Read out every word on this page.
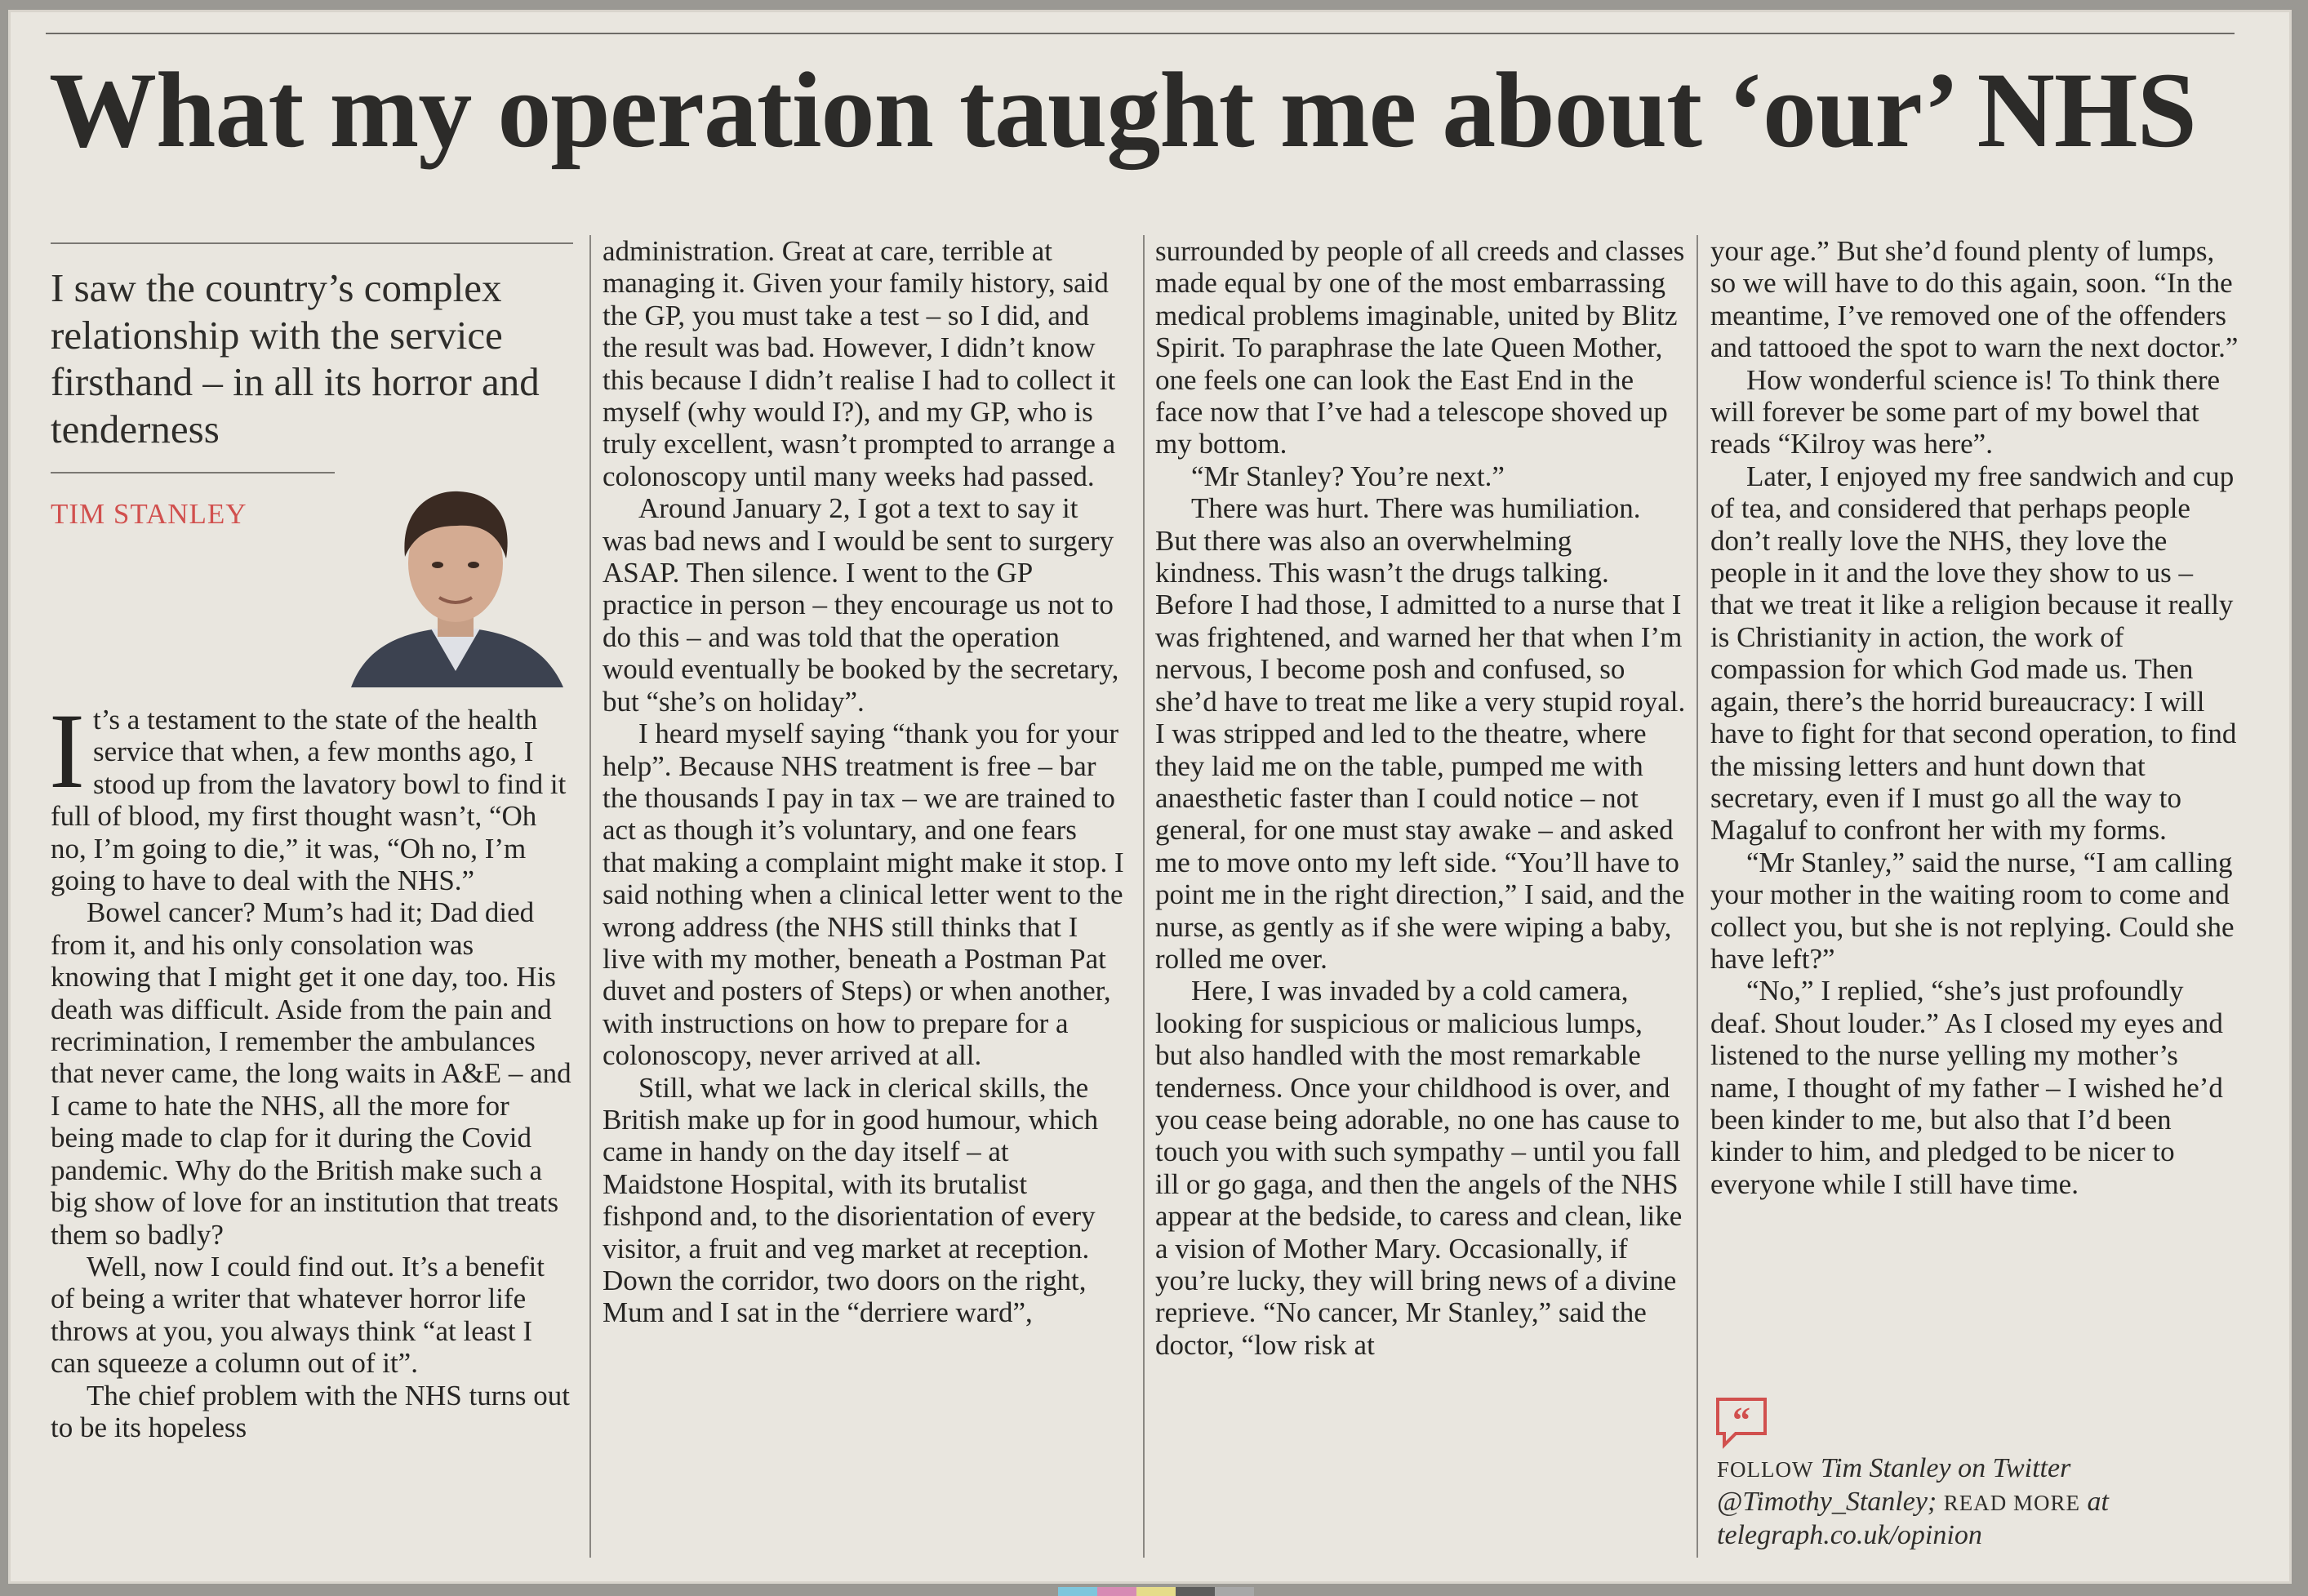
What my operation taught me about ‘our’ NHS
I saw the country’s complex relationship with the service firsthand – in all its horror and tenderness
TIM STANLEY

It’s a testament to the state of the health service that when, a few months ago, I stood up from the lavatory bowl to find it full of blood, my first thought wasn’t, “Oh no, I’m going to die,” it was, “Oh no, I’m going to have to deal with the NHS.”

Bowel cancer? Mum’s had it; Dad died from it, and his only consolation was knowing that I might get it one day, too. His death was difficult. Aside from the pain and recrimination, I remember the ambulances that never came, the long waits in A&E – and I came to hate the NHS, all the more for being made to clap for it during the Covid pandemic. Why do the British make such a big show of love for an institution that treats them so badly?

Well, now I could find out. It’s a benefit of being a writer that whatever horror life throws at you, you always think “at least I can squeeze a column out of it”.

The chief problem with the NHS turns out to be its hopeless

administration. Great at care, terrible at managing it. Given your family history, said the GP, you must take a test – so I did, and the result was bad. However, I didn’t know this because I didn’t realise I had to collect it myself (why would I?), and my GP, who is truly excellent, wasn’t prompted to arrange a colonoscopy until many weeks had passed.

Around January 2, I got a text to say it was bad news and I would be sent to surgery ASAP. Then silence. I went to the GP practice in person – they encourage us not to do this – and was told that the operation would eventually be booked by the secretary, but “she’s on holiday”.

I heard myself saying “thank you for your help”. Because NHS treatment is free – bar the thousands I pay in tax – we are trained to act as though it’s voluntary, and one fears that making a complaint might make it stop. I said nothing when a clinical letter went to the wrong address (the NHS still thinks that I live with my mother, beneath a Postman Pat duvet and posters of Steps) or when another, with instructions on how to prepare for a colonoscopy, never arrived at all.

Still, what we lack in clerical skills, the British make up for in good humour, which came in handy on the day itself – at Maidstone Hospital, with its brutalist fishpond and, to the disorientation of every visitor, a fruit and veg market at reception. Down the corridor, two doors on the right, Mum and I sat in the “derriere ward”,

surrounded by people of all creeds and classes made equal by one of the most embarrassing medical problems imaginable, united by Blitz Spirit. To paraphrase the late Queen Mother, one feels one can look the East End in the face now that I’ve had a telescope shoved up my bottom.

“Mr Stanley? You’re next.”

There was hurt. There was humiliation. But there was also an overwhelming kindness. This wasn’t the drugs talking. Before I had those, I admitted to a nurse that I was frightened, and warned her that when I’m nervous, I become posh and confused, so she’d have to treat me like a very stupid royal. I was stripped and led to the theatre, where they laid me on the table, pumped me with anaesthetic faster than I could notice – not general, for one must stay awake – and asked me to move onto my left side. “You’ll have to point me in the right direction,” I said, and the nurse, as gently as if she were wiping a baby, rolled me over.

Here, I was invaded by a cold camera, looking for suspicious or malicious lumps, but also handled with the most remarkable tenderness. Once your childhood is over, and you cease being adorable, no one has cause to touch you with such sympathy – until you fall ill or go gaga, and then the angels of the NHS appear at the bedside, to caress and clean, like a vision of Mother Mary. Occasionally, if you’re lucky, they will bring news of a divine reprieve. “No cancer, Mr Stanley,” said the doctor, “low risk at

your age.” But she’d found plenty of lumps, so we will have to do this again, soon. “In the meantime, I’ve removed one of the offenders and tattooed the spot to warn the next doctor.”

How wonderful science is! To think there will forever be some part of my bowel that reads “Kilroy was here”.

Later, I enjoyed my free sandwich and cup of tea, and considered that perhaps people don’t really love the NHS, they love the people in it and the love they show to us – that we treat it like a religion because it really is Christianity in action, the work of compassion for which God made us. Then again, there’s the horrid bureaucracy: I will have to fight for that second operation, to find the missing letters and hunt down that secretary, even if I must go all the way to Magaluf to confront her with my forms.

“Mr Stanley,” said the nurse, “I am calling your mother in the waiting room to come and collect you, but she is not replying. Could she have left?”

“No,” I replied, “she’s just profoundly deaf. Shout louder.” As I closed my eyes and listened to the nurse yelling my mother’s name, I thought of my father – I wished he’d been kinder to me, but also that I’d been kinder to him, and pledged to be nicer to everyone while I still have time.

“
FOLLOW Tim Stanley on Twitter
@Timothy_Stanley; READ MORE at
telegraph.co.uk/opinion
